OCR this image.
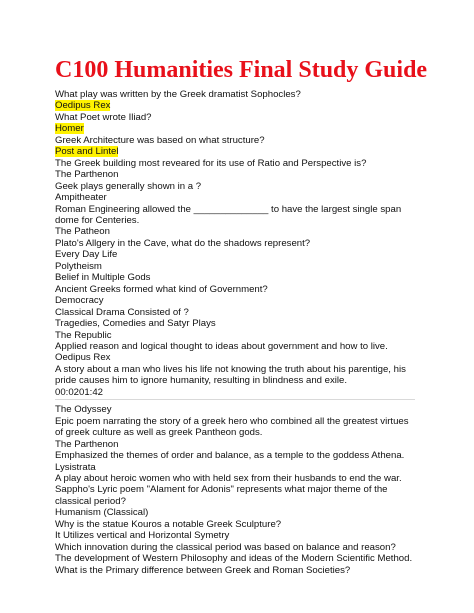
C100 Humanities Final Study Guide
What play was written by the Greek dramatist Sophocles?
Oedipus Rex
What Poet wrote Iliad?
Homer
Greek Architecture was based on what structure?
Post and Lintel
The Greek building most reveared for its use of Ratio and Perspective is?
The Parthenon
Geek plays generally shown in a ?
Ampitheater
Roman Engineering allowed the ______________ to have the largest single span dome for Centeries.
The Patheon
Plato's Allgery in the Cave, what do the shadows represent?
Every Day Life
Polytheism
Belief in Multiple Gods
Ancient Greeks formed what kind of Government?
Democracy
Classical Drama Consisted of ?
Tragedies, Comedies and Satyr Plays
The Republic
Applied reason and logical thought to ideas about government and how to live.
Oedipus Rex
A story about a man who lives his life not knowing the truth about his parentige, his pride causes him to ignore humanity, resulting in blindness and exile.
00:0201:42
The Odyssey
Epic poem narrating the story of a greek hero who combined all the greatest virtues of greek culture as well as greek Pantheon gods.
The Parthenon
Emphasized the themes of order and balance, as a temple to the goddess Athena.
Lysistrata
A play about heroic women who with held sex from their husbands to end the war.
Sappho's Lyric poem "Alament for Adonis" represents what major theme of the classical period?
Humanism (Classical)
Why is the statue Kouros a notable Greek Sculpture?
It Utilizes vertical and Horizontal Symetry
Which innovation during the classical period was based on balance and reason?
The development of Western Philosophy and ideas of the Modern Scientific Method.
What is the Primary difference between Greek and Roman Societies?
